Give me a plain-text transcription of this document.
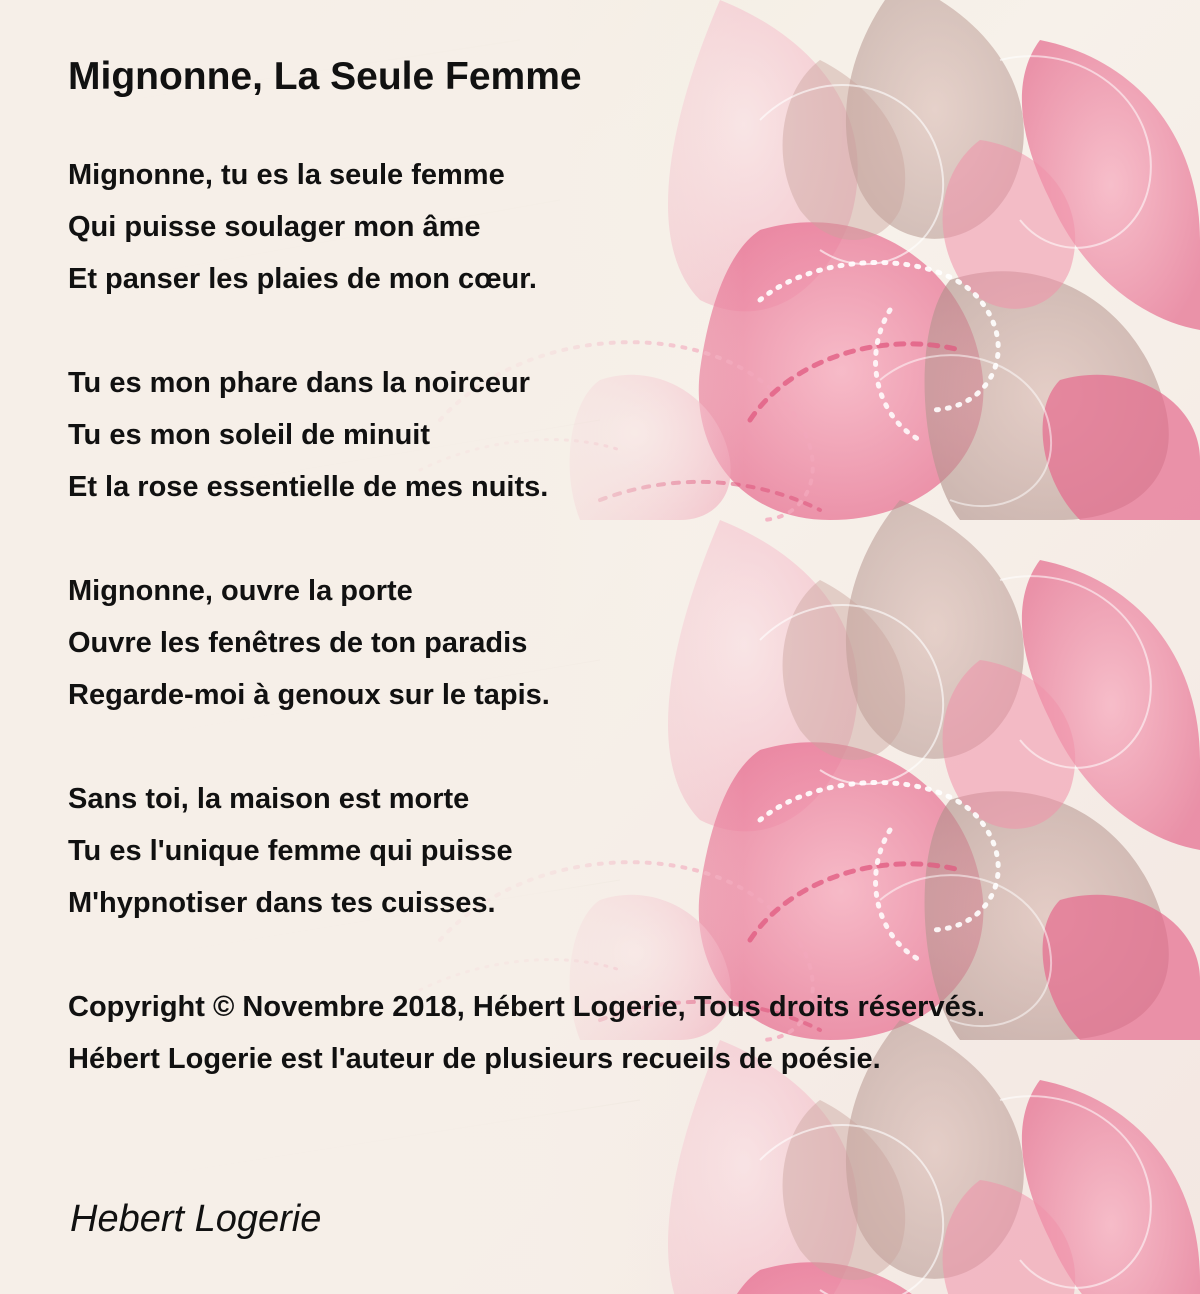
Mignonne, La Seule Femme
Mignonne, tu es la seule femme
Qui puisse soulager mon âme
Et panser les plaies de mon cœur.
Tu es mon phare dans la noirceur
Tu es mon soleil de minuit
Et la rose essentielle de mes nuits.
Mignonne, ouvre la porte
Ouvre les fenêtres de ton paradis
Regarde-moi à genoux sur le tapis.
Sans toi, la maison est morte
Tu es l'unique femme qui puisse
M'hypnotiser dans tes cuisses.
Copyright © Novembre 2018, Hébert Logerie, Tous droits réservés.
Hébert Logerie est l'auteur de plusieurs recueils de poésie.
Hebert Logerie
